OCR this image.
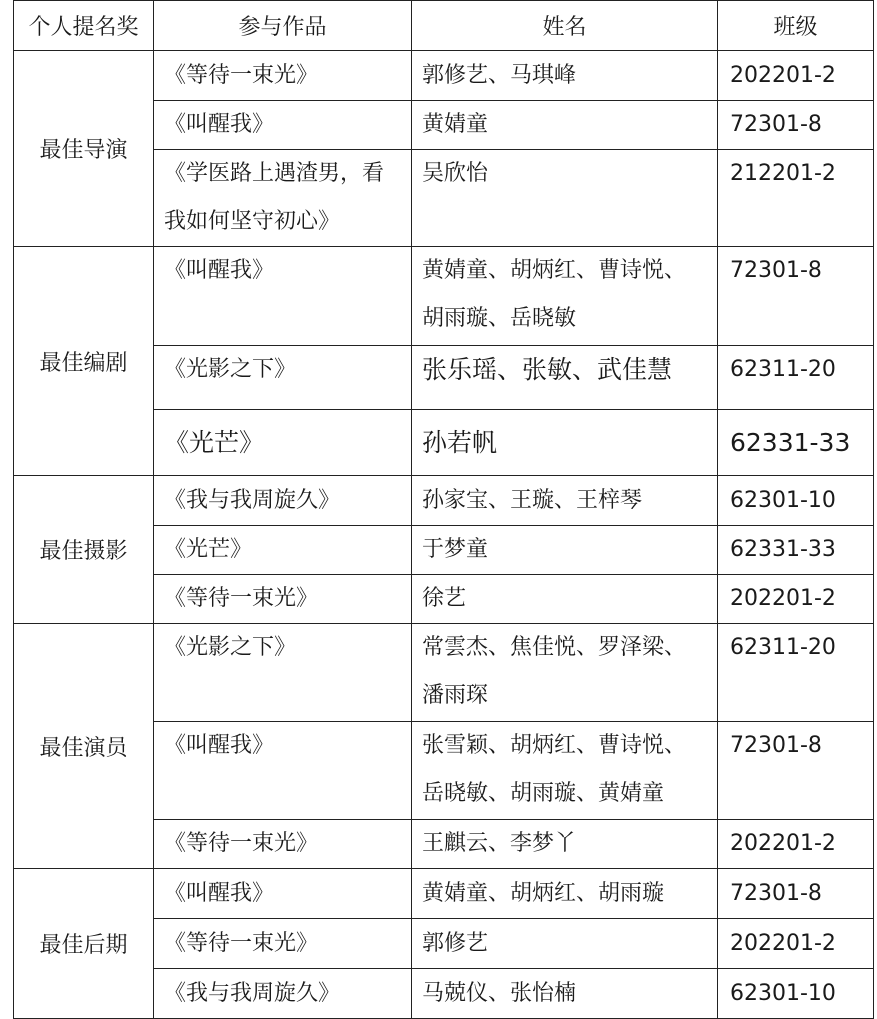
个人提名奖	参与作品	姓名	班级
最佳导演	《等待一束光》	郭修艺、马琪峰	202201-2
	《叫醒我》	黄婧童	72301-8

	《学医路上遇渣男，看
我如何坚守初心》	吴欣怡	212201-2
最佳编剧	《叫醒我》	黄婧童、胡炳红、曹诗悦、
胡雨璇、岳晓敏	72301-8
	《光影之下》	张乐瑶、张敏、武佳慧	62311-20
	《光芒》	孙若帆	62331-33
最佳摄影	《我与我周旋久》	孙家宝、王璇、王梓琴	62301-10
	《光芒》	于梦童	62331-33
	《等待一束光》	徐艺	202201-2
最佳演员	《光影之下》	常雲杰、焦佳悦、罗泽梁、
潘雨琛	62311-20
	《叫醒我》	张雪颖、胡炳红、曹诗悦、
岳晓敏、胡雨璇、黄婧童	72301-8
	《等待一束光》	王麒云、李梦丫	202201-2
最佳后期	《叫醒我》	黄婧童、胡炳红、胡雨璇	72301-8
	《等待一束光》	郭修艺	202201-2
	《我与我周旋久》	马兢仪、张怡楠	62301-10
